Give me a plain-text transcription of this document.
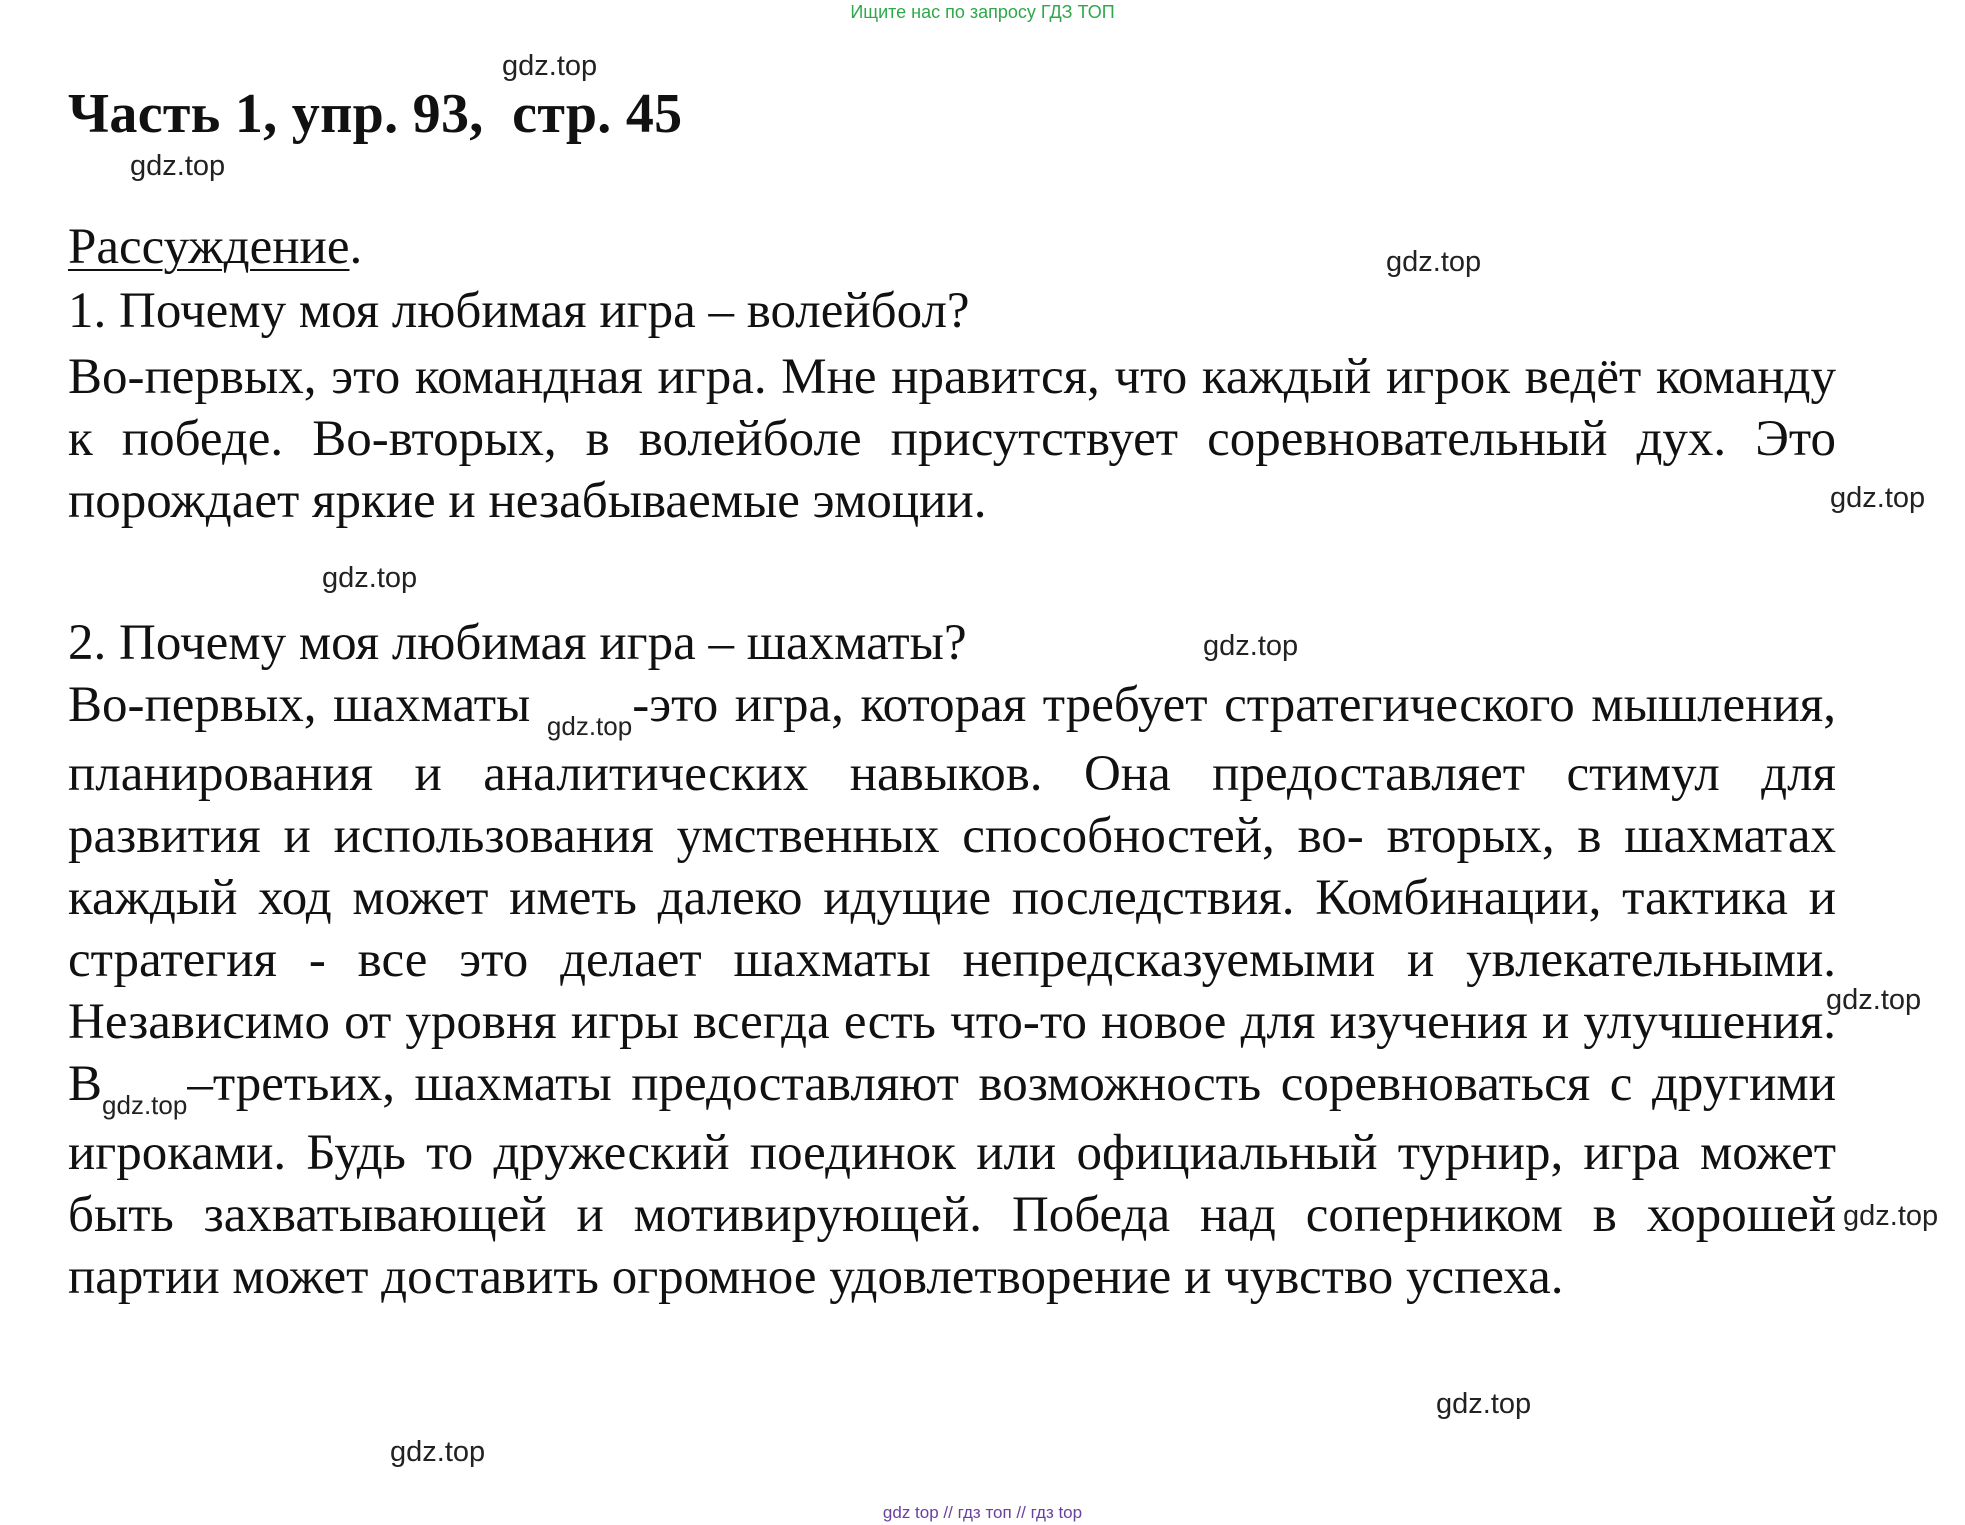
Ищите нас по запросу ГДЗ ТОП
gdz.top
Часть 1, упр. 93,  стр. 45
gdz.top
Рассуждение.	gdz.top
1. Почему моя любимая игра – волейбол?
Во-первых, это командная игра. Мне нравится, что каждый игрок ведёт команду к победе. Во-вторых, в волейболе присутствует соревновательный дух. Это порождает яркие и незабываемые эмоции.	gdz.top
gdz.top
2. Почему моя любимая игра – шахматы?	gdz.top
Во-первых, шахматы $_{gdz.top}$-это игра, которая требует стратегического мышления, планирования и аналитических навыков. Она предоставляет стимул для развития и использования умственных способностей, во- вторых, в шахматах каждый ход может иметь далеко идущие последствия. Комбинации, тактика и стратегия - все это делает шахматы непредсказуемыми и увлекательными. Независимо от уровня игры всегда есть что-то новое для изучения и улучшения. $В_{gdz.top}$–третьих, шахматы предоставляют возможность соревноваться с другими игроками. Будь то дружеский поединок или официальный турнир, игра может быть захватывающей и мотивирующей. Победа над соперником в хорошей партии может доставить огромное удовлетворение и чувство успеха.
gdz.top
gdz.top
gdz.top
gdz.top
gdz top // гдз топ // гдз top
